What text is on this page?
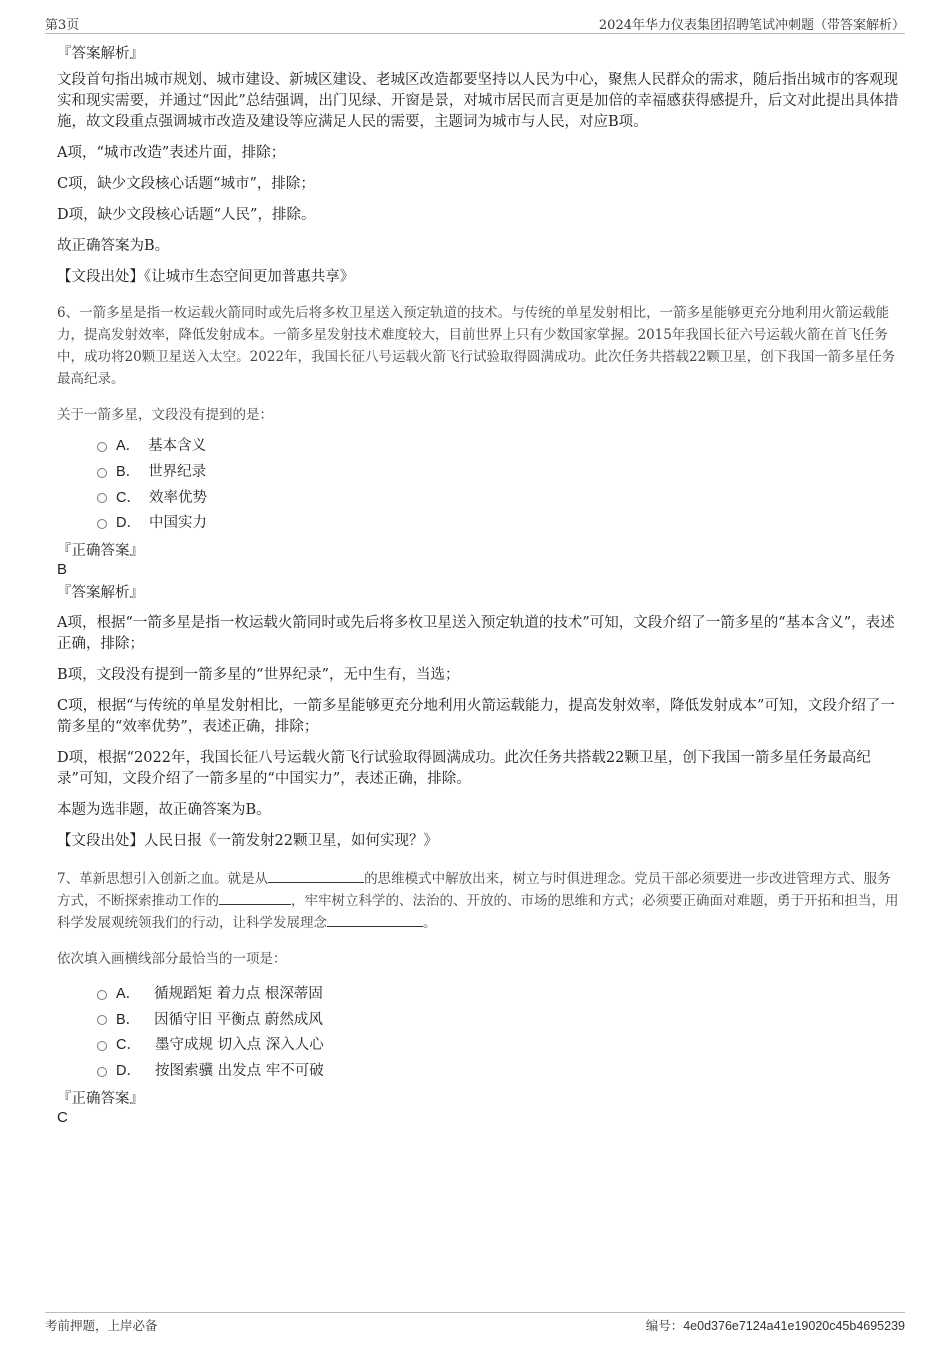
第3页	2024年华力仪表集团招聘笔试冲刺题（带答案解析）
『答案解析』
文段首句指出城市规划、城市建设、新城区建设、老城区改造都要坚持以人民为中心，聚焦人民群众的需求，随后指出城市的客观现实和现实需要，并通过“因此”总结强调，出门见绿、开窗是景，对城市居民而言更是加倍的幸福感获得感提升，后文对此提出具体措施，故文段重点强调城市改造及建设等应满足人民的需要，主题词为城市与人民，对应B项。
A项，“城市改造”表述片面，排除；
C项，缺少文段核心话题“城市”，排除；
D项，缺少文段核心话题“人民”，排除。
故正确答案为B。
【文段出处】《让城市生态空间更加普惠共享》
6、一箭多星是指一枚运载火箭同时或先后将多枚卫星送入预定轨道的技术。与传统的单星发射相比，一箭多星能够更充分地利用火箭运载能力，提高发射效率，降低发射成本。一箭多星发射技术难度较大，目前世界上只有少数国家掌握。2015年我国长征六号运载火箭在首飞任务中，成功将20颗卫星送入太空。2022年，我国长征八号运载火箭飞行试验取得圆满成功。此次任务共搭载22颗卫星，创下我国一箭多星任务最高纪录。
关于一箭多星，文段没有提到的是：
A． 基本含义
B． 世界纪录
C． 效率优势
D． 中国实力
『正确答案』
B
『答案解析』
A项，根据“一箭多星是指一枚运载火箭同时或先后将多枚卫星送入预定轨道的技术”可知，文段介绍了一箭多星的“基本含义”，表述正确，排除；
B项，文段没有提到一箭多星的“世界纪录”，无中生有，当选；
C项，根据“与传统的单星发射相比，一箭多星能够更充分地利用火箭运载能力，提高发射效率，降低发射成本”可知，文段介绍了一箭多星的“效率优势”，表述正确，排除；
D项，根据“2022年，我国长征八号运载火箭飞行试验取得圆满成功。此次任务共搭载22颗卫星，创下我国一箭多星任务最高纪录”可知，文段介绍了一箭多星的“中国实力”，表述正确，排除。
本题为选非题，故正确答案为B。
【文段出处】人民日报《一箭发射22颗卫星，如何实现？》
7、革新思想引入创新之血。就是从	的思维模式中解放出来，树立与时俱进理念。党员干部必须要进一步改进管理方式、服务方式，不断探索推动工作的	，牢牢树立科学的、法治的、开放的、市场的思维和方式；必须要正确面对难题，勇于开拓和担当，用科学发展观统领我们的行动，让科学发展理念	。
依次填入画横线部分最恰当的一项是：
A． 循规蹈矩 着力点 根深蒂固
B． 因循守旧 平衡点 蔚然成风
C． 墨守成规 切入点 深入人心
D． 按图索骥 出发点 牢不可破
『正确答案』
C
考前押题，上岸必备	编号：4e0d376e7124a41e19020c45b4695239
